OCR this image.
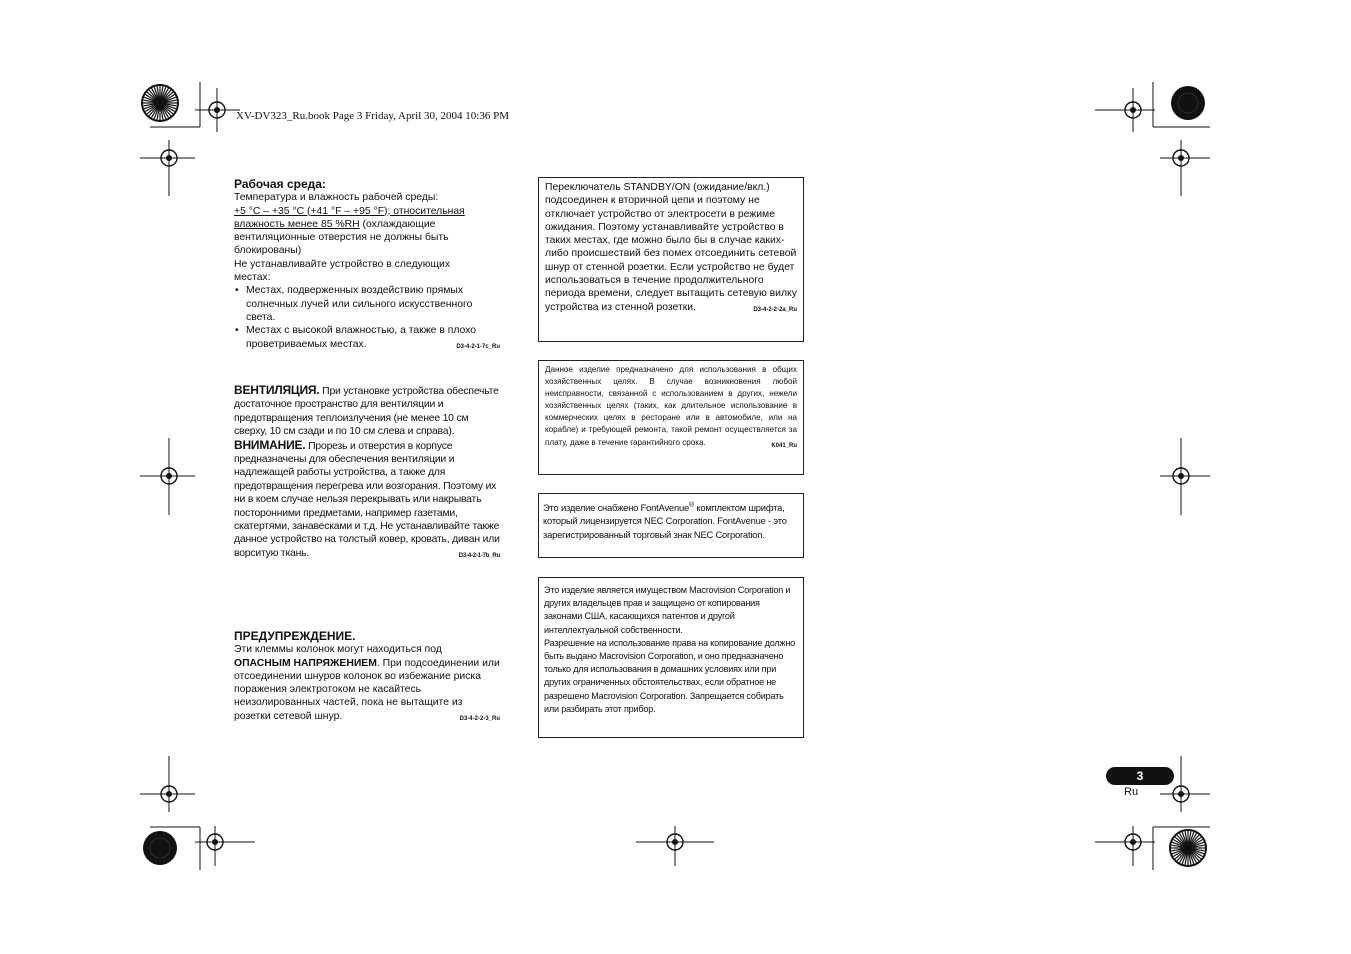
XV-DV323_Ru.book Page 3 Friday, April 30, 2004 10:36 PM

Рабочая среда:

Температура и влажность рабочей среды:

+5 °C – +35 °C (+41 °F – +95 °F); относительная

влажность менее 85 %RH (охлаждающие

вентиляционные отверстия не должны быть

блокированы)

Не устанавливайте устройство в следующих

местах:

• Местах, подверженных воздействию прямых солнечных лучей или сильного искусственного света.
• Местах с высокой влажностью, а также в плохо проветриваемых местах.	D3-4-2-1-7c_Ru

ВЕНТИЛЯЦИЯ. При установке устройства обеспечьте достаточное пространство для вентиляции и предотвращения теплоизлучения (не менее 10 см сверху, 10 см сзади и по 10 см слева и справа).

ВНИМАНИЕ. Прорезь и отверстия в корпусе предназначены для обеспечения вентиляции и надлежащей работы устройства, а также для предотвращения перегрева или возгорания. Поэтому их ни в коем случае нельзя перекрывать или накрывать посторонними предметами, например газетами, скатертями, занавесками и т.д. Не устанавливайте также данное устройство на толстый ковер, кровать, диван или ворситую ткань.	D3-4-2-1-7b_Ru

ПРЕДУПРЕЖДЕНИЕ.

Эти клеммы колонок могут находиться под ОПАСНЫМ НАПРЯЖЕНИЕМ. При подсоединении или отсоединении шнуров колонок во избежание риска поражения электротоком не касайтесь неизолированных частей, пока не вытащите из розетки сетевой шнур.	D3-4-2-2-3_Ru

Переключатель STANDBY/ON (ожидание/вкл.) подсоединен к вторичной цепи и поэтому не отключает устройство от электросети в режиме ожидания. Поэтому устанавливайте устройство в таких местах, где можно было бы в случае каких-либо происшествий без помех отсоединить сетевой шнур от стенной розетки. Если устройство не будет использоваться в течение продолжительного периода времени, следует вытащить сетевую вилку устройства из стенной розетки.	D3-4-2-2-2a_Ru
Данное изделие предназначено для использования в общих хозяйственных целях. В случае возникновения любой неисправности, связанной с использованием в других, нежели хозяйственных целях (таких, как длительное использование в коммерческих целях в ресторане или в автомобиле, или на корабле) и требующей ремонта, такой ремонт осуществляется за плату, даже в течение гарантийного срока.	K041_Ru
Это изделие снабжено FontAvenue® комплектом шрифта, который лицензируется NEC Corporation. FontAvenue - это зарегистрированный торговый знак NEC Corporation.
Это изделие является имуществом Macrovision Corporation и других владельцев прав и защищено от копирования законами США, касающихся патентов и другой интеллектуальной собственности.
Разрешение на использование права на копирование должно быть выдано Macrovision Corporation, и оно предназначено только для использования в домашних условиях или при других ограниченных обстоятельствах, если обратное не разрешено Macrovision Corporation. Запрещается собирать или разбирать этот прибор.
3
Ru
